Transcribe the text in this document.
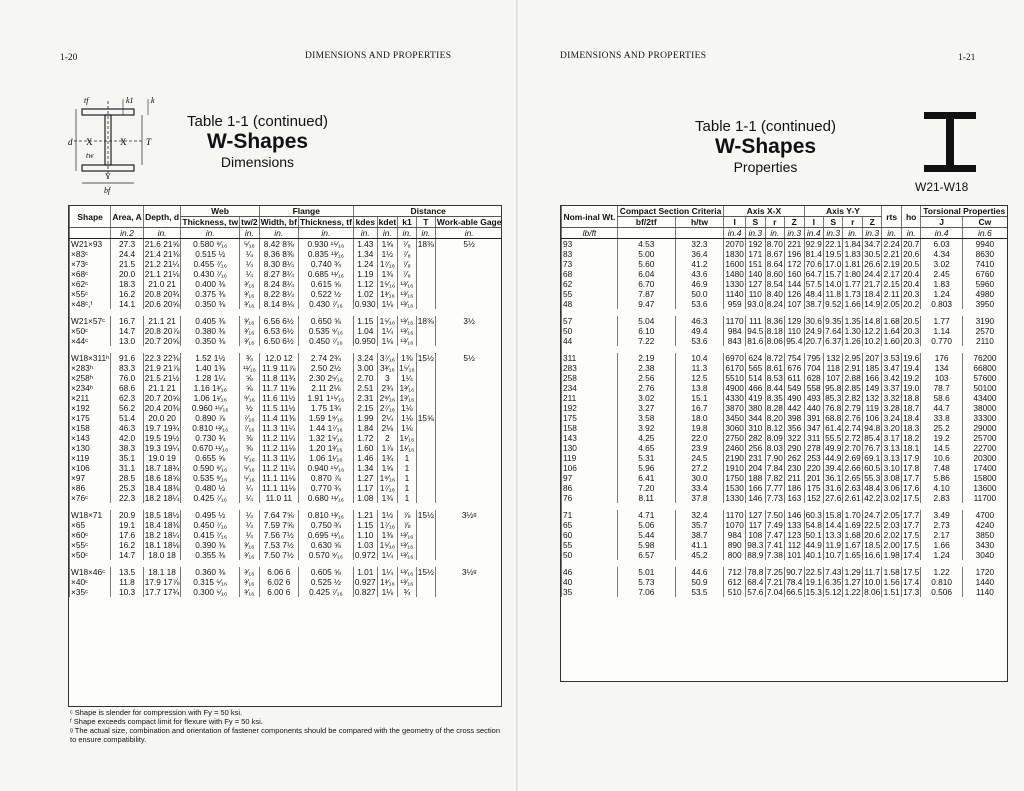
1-20	DIMENSIONS AND PROPERTIES
d X	X T
tf	k1 k
tw
Y
bf
Table 1-1 (continued)
W-Shapes
Dimensions
Shape	Area, A	Depth, d	Web		Flange		Distance				
			Thickness, tw	tw/2	Width, bf	Thickness, tf	kdes	kdet	k1	T	Work-able Gage
	in.2	in.	in.	in.	in.	in.	in.	in.	in.	in.	in.
W21×93	27.3	21.6 21⅝	0.580 ⁹⁄₁₆	⁵⁄₁₆	8.42 8⅜	0.930 ¹⁵⁄₁₆	1.43	1⅝	⁷⁄₈	18⅜	5½
×83ᶜ	24.4	21.4 21⅜	0.515 ½	¼	8.36 8⅜	0.835 ¹³⁄₁₆	1.34	1½	⁷⁄₈		
×73ᶜ	21.5	21.2 21¼	0.455 ⁷⁄₁₆	¼	8.30 8¼	0.740 ¾	1.24	1⁷⁄₁₆	⁷⁄₈		
×68ᶜ	20.0	21.1 21⅛	0.430 ⁷⁄₁₆	¼	8.27 8¼	0.685 ¹¹⁄₁₆	1.19	1⅜	⁷⁄₈		
×62ᶜ	18.3	21.0 21	0.400 ⅜	³⁄₁₆	8.24 8¼	0.615 ⅝	1.12	1⁵⁄₁₆	¹³⁄₁₆		
×55ᶜ	16.2	20.8 20¾	0.375 ⅜	³⁄₁₆	8.22 8¼	0.522 ½	1.02	1³⁄₁₆	¹³⁄₁₆		
×48ᶜ,ᶠ	14.1	20.6 20⅝	0.350 ⅜	³⁄₁₆	8.14 8⅛	0.430 ⁷⁄₁₆	0.930	1⅛	¹³⁄₁₆		

W21×57ᶜ	16.7	21.1 21	0.405 ⅜	³⁄₁₆	6.56 6½	0.650 ⅝	1.15	1⁵⁄₁₆	¹³⁄₁₆	18⅜	3½
×50ᶜ	14.7	20.8 20⅞	0.380 ⅜	³⁄₁₆	6.53 6½	0.535 ⁹⁄₁₆	1.04	1¼	¹³⁄₁₆		
×44ᶜ	13.0	20.7 20⅝	0.350 ⅜	³⁄₁₆	6.50 6½	0.450 ⁷⁄₁₆	0.950	1⅛	¹³⁄₁₆		

W18×311ʰ	91.6	22.3 22⅜	1.52 1½	¾	12.0 12	2.74 2¾	3.24	3⁷⁄₁₆	1⅜	15½	5½
×283ʰ	83.3	21.9 21⅞	1.40 1⅜	¹¹⁄₁₆	11.9 11⅞	2.50 2½	3.00	3³⁄₁₆	1⁵⁄₁₆		
×258ʰ	76.0	21.5 21½	1.28 1¼	⅝	11.8 11¾	2.30 2⁵⁄₁₆	2.70	3	1¼		
×234ʰ	68.6	21.1 21	1.16 1³⁄₁₆	⅝	11.7 11⅝	2.11 2⅛	2.51	2¾	1³⁄₁₆		
×211	62.3	20.7 20⅝	1.06 1¹⁄₁₆	⁹⁄₁₆	11.6 11½	1.91 1¹⁵⁄₁₆	2.31	2⁹⁄₁₆	1³⁄₁₆		
×192	56.2	20.4 20⅜	0.960 ¹⁵⁄₁₆	½	11.5 11½	1.75 1¾	2.15	2⁷⁄₁₆	1⅛		
×175	51.4	20.0 20	0.890 ⅞	⁷⁄₁₆	11.4 11⅜	1.59 1⁹⁄₁₆	1.99	2¼	1⅛	15⅝	
×158	46.3	19.7 19¾	0.810 ¹³⁄₁₆	⁷⁄₁₆	11.3 11¼	1.44 1⁷⁄₁₆	1.84	2⅛	1⅛		
×143	42.0	19.5 19½	0.730 ¾	⅜	11.2 11¼	1.32 1⁵⁄₁₆	1.72	2	1¹⁄₁₆		
×130	38.3	19.3 19¼	0.670 ¹¹⁄₁₆	⅜	11.2 11⅛	1.20 1³⁄₁₆	1.60	1⅞	1¹⁄₁₆		
×119	35.1	19.0 19	0.655 ⅝	⁵⁄₁₆	11.3 11¼	1.06 1¹⁄₁₆	1.46	1¾	1		
×106	31.1	18.7 18¾	0.590 ⁹⁄₁₆	⁵⁄₁₆	11.2 11¼	0.940 ¹⁵⁄₁₆	1.34	1⅝	1		
×97	28.5	18.6 18⅝	0.535 ⁹⁄₁₆	⁵⁄₁₆	11.1 11⅛	0.870 ⅞	1.27	1⁹⁄₁₆	1		
×86	25.3	18.4 18⅜	0.480 ½	¼	11.1 11⅛	0.770 ¾	1.17	1⁷⁄₁₆	1		
×76ᶜ	22.3	18.2 18¼	0.425 ⁷⁄₁₆	¼	11.0 11	0.680 ¹¹⁄₁₆	1.08	1⅜	1		

W18×71	20.9	18.5 18½	0.495 ½	¼	7.64 7⅝	0.810 ¹³⁄₁₆	1.21	1½	⅞	15½	3½ᵍ
×65	19.1	18.4 18⅜	0.450 ⁷⁄₁₆	¼	7.59 7⅝	0.750 ¾	1.15	1⁷⁄₁₆	⅞		
×60ᶜ	17.6	18.2 18¼	0.415 ⁷⁄₁₆	¼	7.56 7½	0.695 ¹¹⁄₁₆	1.10	1⅜	¹³⁄₁₆		
×55ᶜ	16.2	18.1 18⅛	0.390 ⅜	³⁄₁₆	7.53 7½	0.630 ⅝	1.03	1⁵⁄₁₆	¹³⁄₁₆		
×50ᶜ	14.7	18.0 18	0.355 ⅜	³⁄₁₆	7.50 7½	0.570 ⁹⁄₁₆	0.972	1¼	¹³⁄₁₆		

W18×46ᶜ	13.5	18.1 18	0.360 ⅜	³⁄₁₆	6.06 6	0.605 ⅝	1.01	1¼	¹³⁄₁₆	15½	3½ᵍ
×40ᶜ	11.8	17.9 17⅞	0.315 ⁵⁄₁₆	³⁄₁₆	6.02 6	0.525 ½	0.927	1³⁄₁₆	¹³⁄₁₆		
×35ᶜ	10.3	17.7 17¾	0.300 ⁵⁄₁₆	³⁄₁₆	6.00 6	0.425 ⁷⁄₁₆	0.827	1⅛	¾		
ᶜ Shape is slender for compression with Fy = 50 ksi.
ᶠ Shape exceeds compact limit for flexure with Fy = 50 ksi.
ᵍ The actual size, combination and orientation of fastener components should be compared with the geometry of the cross section
to ensure compatibility.
DIMENSIONS AND PROPERTIES	1-21
Table 1-1 (continued)
W-Shapes
Properties
W21-W18
Nom-inal Wt.	Compact Section Criteria		Axis X-X				Axis Y-Y				rts	ho	Torsional Properties	
	bf/2tf	h/tw	I	S	r	Z	I	S	r	Z			J	Cw
lb/ft			in.4	in.3	in.	in.3	in.4	in.3	in.	in.3	in.	in.	in.4	in.6
93	4.53	32.3	2070	192	8.70	221	92.9	22.1	1.84	34.7	2.24	20.7	6.03	9940
83	5.00	36.4	1830	171	8.67	196	81.4	19.5	1.83	30.5	2.21	20.6	4.34	8630
73	5.60	41.2	1600	151	8.64	172	70.6	17.0	1.81	26.6	2.19	20.5	3.02	7410
68	6.04	43.6	1480	140	8.60	160	64.7	15.7	1.80	24.4	2.17	20.4	2.45	6760
62	6.70	46.9	1330	127	8.54	144	57.5	14.0	1.77	21.7	2.15	20.4	1.83	5960
55	7.87	50.0	1140	110	8.40	126	48.4	11.8	1.73	18.4	2.11	20.3	1.24	4980
48	9.47	53.6	959	93.0	8.24	107	38.7	9.52	1.66	14.9	2.05	20.2	0.803	3950

57	5.04	46.3	1170	111	8.36	129	30.6	9.35	1.35	14.8	1.68	20.5	1.77	3190
50	6.10	49.4	984	94.5	8.18	110	24.9	7.64	1.30	12.2	1.64	20.3	1.14	2570
44	7.22	53.6	843	81.6	8.06	95.4	20.7	6.37	1.26	10.2	1.60	20.3	0.770	2110

311	2.19	10.4	6970	624	8.72	754	795	132	2.95	207	3.53	19.6	176	76200
283	2.38	11.3	6170	565	8.61	676	704	118	2.91	185	3.47	19.4	134	66800
258	2.56	12.5	5510	514	8.53	611	628	107	2.88	166	3.42	19.2	103	57600
234	2.76	13.8	4900	466	8.44	549	558	95.8	2.85	149	3.37	19.0	78.7	50100
211	3.02	15.1	4330	419	8.35	490	493	85.3	2.82	132	3.32	18.8	58.6	43400
192	3.27	16.7	3870	380	8.28	442	440	76.8	2.79	119	3.28	18.7	44.7	38000
175	3.58	18.0	3450	344	8.20	398	391	68.8	2.76	106	3.24	18.4	33.8	33300
158	3.92	19.8	3060	310	8.12	356	347	61.4	2.74	94.8	3.20	18.3	25.2	29000
143	4.25	22.0	2750	282	8.09	322	311	55.5	2.72	85.4	3.17	18.2	19.2	25700
130	4.65	23.9	2460	256	8.03	290	278	49.9	2.70	76.7	3.13	18.1	14.5	22700
119	5.31	24.5	2190	231	7.90	262	253	44.9	2.69	69.1	3.13	17.9	10.6	20300
106	5.96	27.2	1910	204	7.84	230	220	39.4	2.66	60.5	3.10	17.8	7.48	17400
97	6.41	30.0	1750	188	7.82	211	201	36.1	2.65	55.3	3.08	17.7	5.86	15800
86	7.20	33.4	1530	166	7.77	186	175	31.6	2.63	48.4	3.06	17.6	4.10	13600
76	8.11	37.8	1330	146	7.73	163	152	27.6	2.61	42.2	3.02	17.5	2.83	11700

71	4.71	32.4	1170	127	7.50	146	60.3	15.8	1.70	24.7	2.05	17.7	3.49	4700
65	5.06	35.7	1070	117	7.49	133	54.8	14.4	1.69	22.5	2.03	17.7	2.73	4240
60	5.44	38.7	984	108	7.47	123	50.1	13.3	1.68	20.6	2.02	17.5	2.17	3850
55	5.98	41.1	890	98.3	7.41	112	44.9	11.9	1.67	18.5	2.00	17.5	1.66	3430
50	6.57	45.2	800	88.9	7.38	101	40.1	10.7	1.65	16.6	1.98	17.4	1.24	3040

46	5.01	44.6	712	78.8	7.25	90.7	22.5	7.43	1.29	11.7	1.58	17.5	1.22	1720
40	5.73	50.9	612	68.4	7.21	78.4	19.1	6.35	1.27	10.0	1.56	17.4	0.810	1440
35	7.06	53.5	510	57.6	7.04	66.5	15.3	5.12	1.22	8.06	1.51	17.3	0.506	1140
